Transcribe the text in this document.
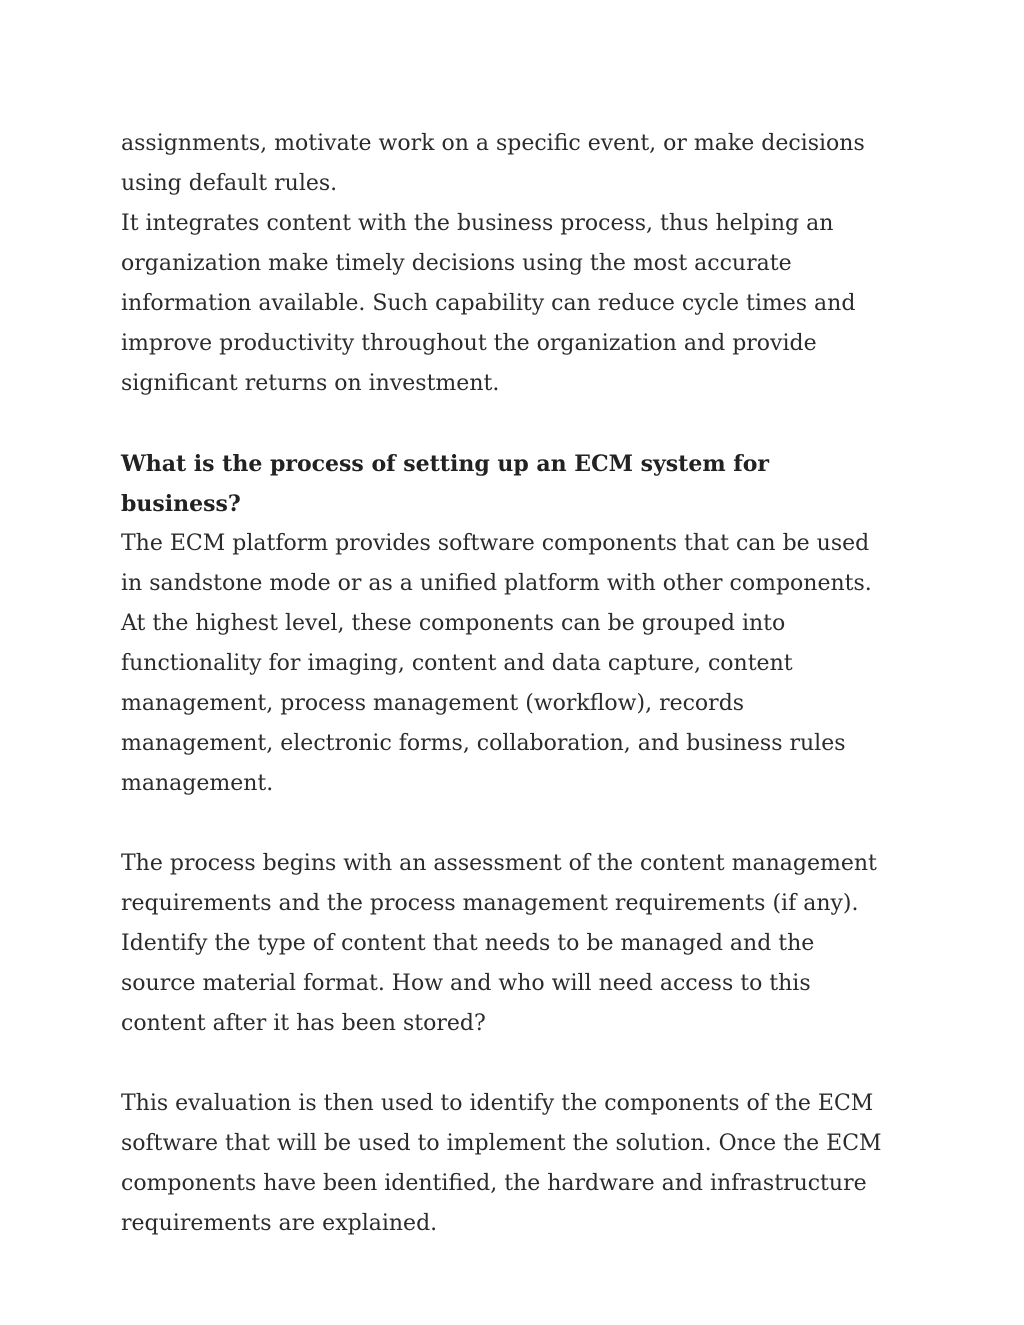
assignments, motivate work on a specific event, or make decisions using default rules.

It integrates content with the business process, thus helping an organization make timely decisions using the most accurate information available. Such capability can reduce cycle times and improve productivity throughout the organization and provide significant returns on investment.

What is the process of setting up an ECM system for business?

The ECM platform provides software components that can be used in sandstone mode or as a unified platform with other components. At the highest level, these components can be grouped into functionality for imaging, content and data capture, content management, process management (workflow), records management, electronic forms, collaboration, and business rules management.

The process begins with an assessment of the content management requirements and the process management requirements (if any). Identify the type of content that needs to be managed and the source material format. How and who will need access to this content after it has been stored?

This evaluation is then used to identify the components of the ECM software that will be used to implement the solution. Once the ECM components have been identified, the hardware and infrastructure requirements are explained.
